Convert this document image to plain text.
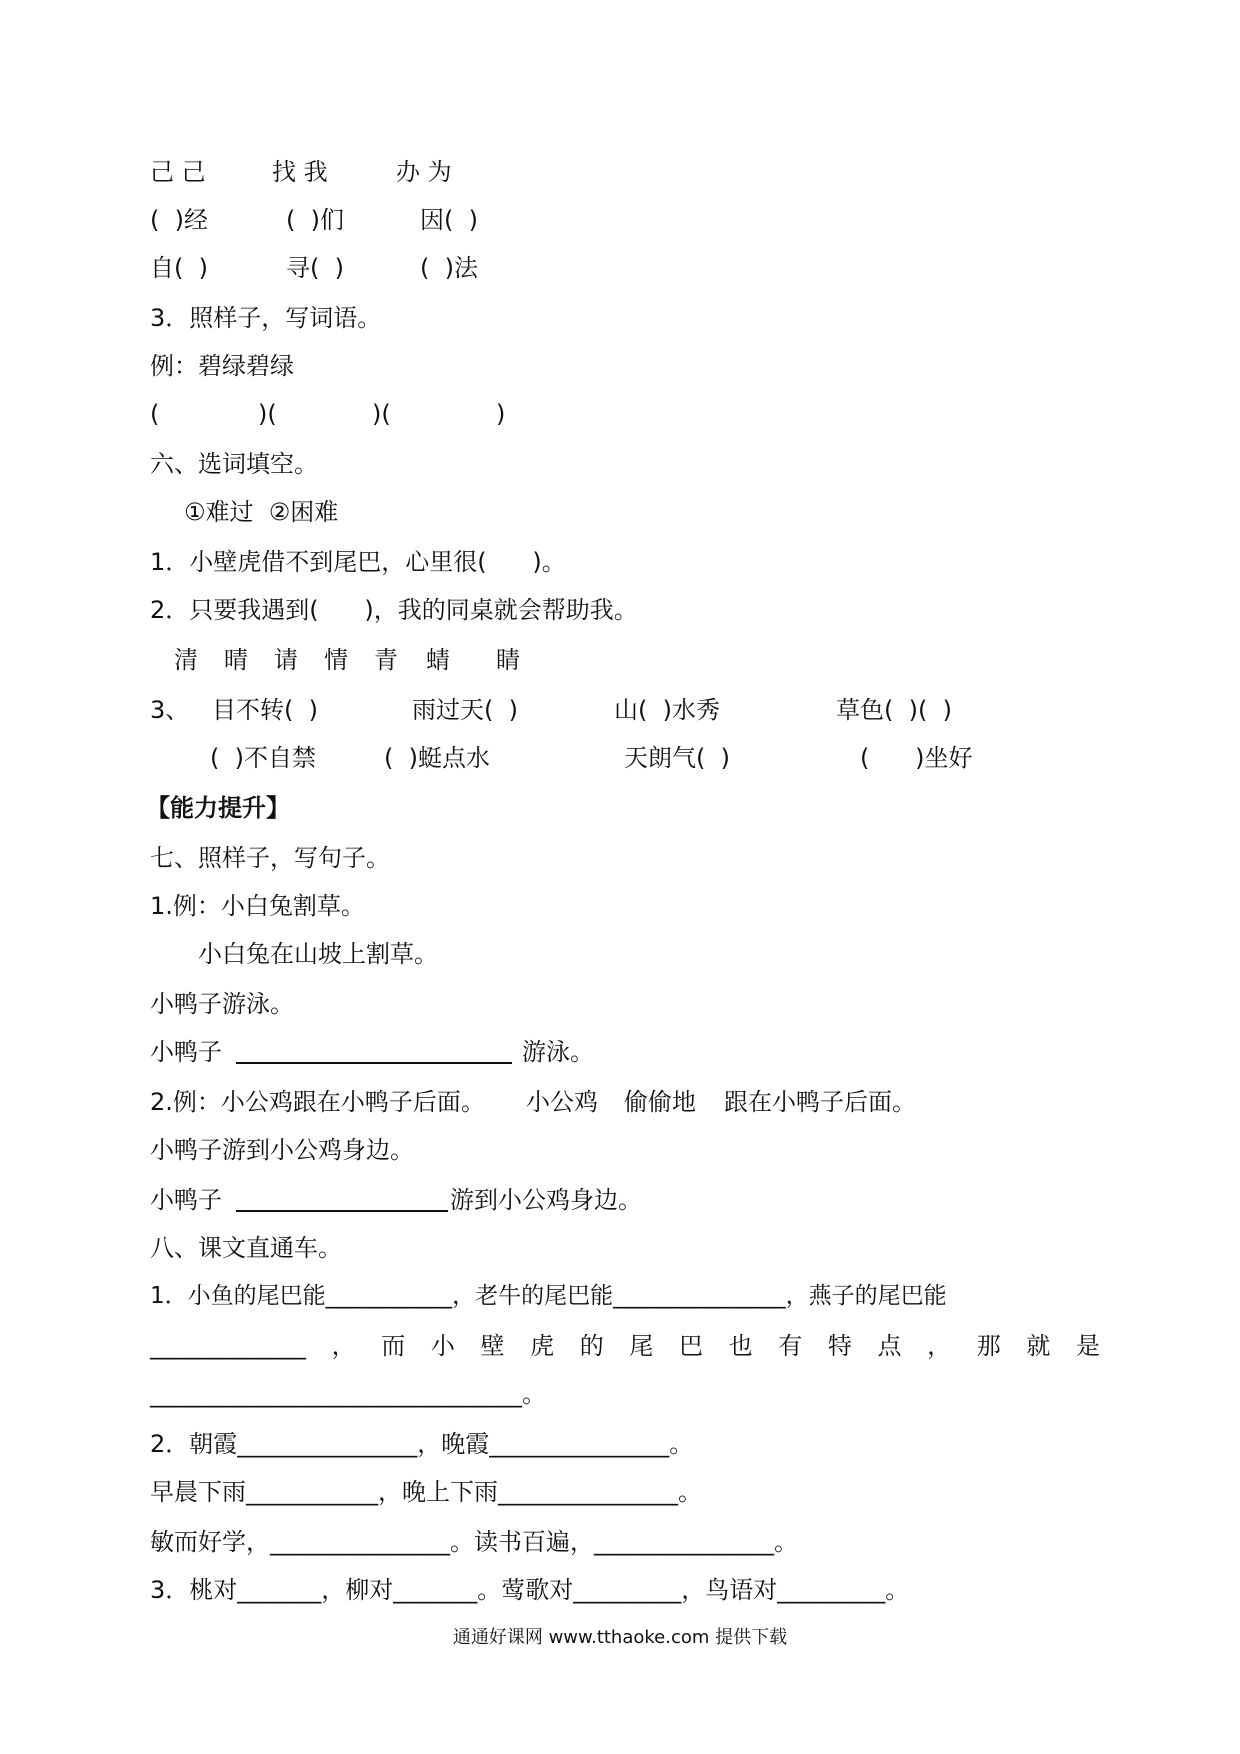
己 己	找 我	办 为
(  )经	(  )们	因(  )
自(  )	寻(  )	(  )法
3．照样子，写词语。
例：碧绿碧绿
(	)(	)(	)
六、选词填空。
①难过  ②困难
1．小壁虎借不到尾巴，心里很(      )。
2．只要我遇到(      )，我的同桌就会帮助我。
清 晴 请 情 青 蜻 睛
3、 目不转(  )	雨过天(  )	山(  )水秀	草色(  )(  )
(  )不自禁	(  )蜓点水	天朗气(  )	(      )坐好
【能力提升】
七、照样子，写句子。
1.例：小白兔割草。
小白兔在山坡上割草。
小鸭子游泳。
小鸭子	游泳。
2.例：小公鸡跟在小鸭子后面。 小公鸡 偷偷地 跟在小鸭子后面。
小鸭子游到小公鸡身边。
小鸭子	游到小公鸡身边。
八、课文直通车。
1．小鱼的尾巴能___________，老牛的尾巴能_______________，燕子的尾巴能
_____________ ， 而 小 壁 虎 的 尾 巴 也 有 特 点 ， 那 就 是
_______________________________。
2．朝霞_______________，晚霞_______________。
早晨下雨___________，晚上下雨_______________。
敏而好学，_______________。读书百遍，_______________。
3．桃对_______，柳对_______。莺歌对_________，鸟语对_________。
通通好课网 www.tthaoke.com 提供下载
